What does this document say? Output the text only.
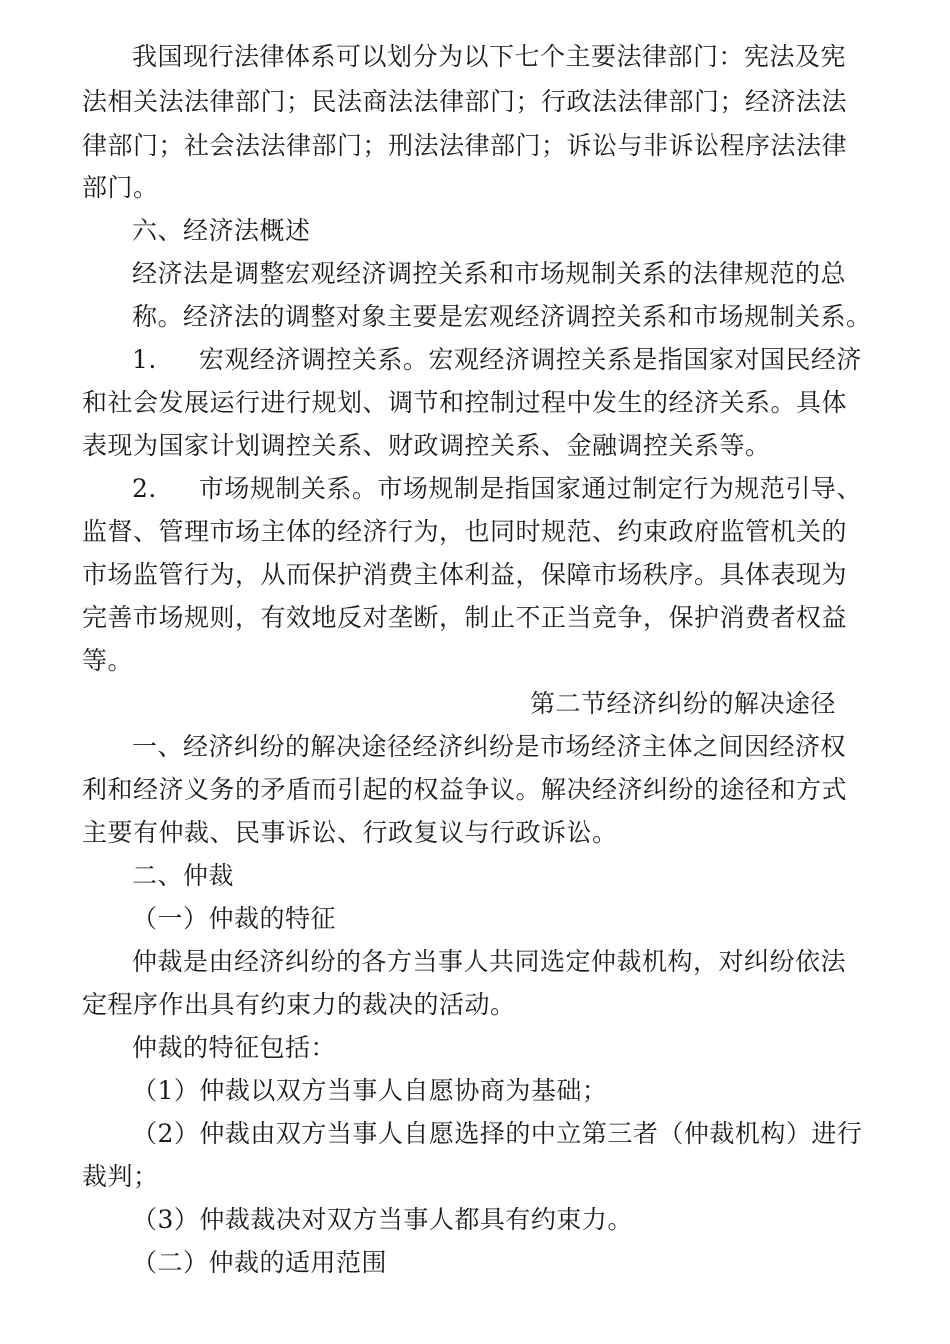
我国现行法律体系可以划分为以下七个主要法律部门：宪法及宪
法相关法法律部门；民法商法法律部门；行政法法律部门；经济法法
律部门；社会法法律部门；刑法法律部门；诉讼与非诉讼程序法法律
部门。
六、经济法概述
经济法是调整宏观经济调控关系和市场规制关系的法律规范的总
称。经济法的调整对象主要是宏观经济调控关系和市场规制关系。
1. 宏观经济调控关系。宏观经济调控关系是指国家对国民经济
和社会发展运行进行规划、调节和控制过程中发生的经济关系。具体
表现为国家计划调控关系、财政调控关系、金融调控关系等。
2. 市场规制关系。市场规制是指国家通过制定行为规范引导、
监督、管理市场主体的经济行为，也同时规范、约束政府监管机关的
市场监管行为，从而保护消费主体利益，保障市场秩序。具体表现为
完善市场规则，有效地反对垄断，制止不正当竞争，保护消费者权益
等。
第二节经济纠纷的解决途径
一、经济纠纷的解决途径经济纠纷是市场经济主体之间因经济权
利和经济义务的矛盾而引起的权益争议。解决经济纠纷的途径和方式
主要有仲裁、民事诉讼、行政复议与行政诉讼。
二、仲裁
（一）仲裁的特征
仲裁是由经济纠纷的各方当事人共同选定仲裁机构，对纠纷依法
定程序作出具有约束力的裁决的活动。
仲裁的特征包括：
（1）仲裁以双方当事人自愿协商为基础；
（2）仲裁由双方当事人自愿选择的中立第三者（仲裁机构）进行
裁判；
（3）仲裁裁决对双方当事人都具有约束力。
（二）仲裁的适用范围
